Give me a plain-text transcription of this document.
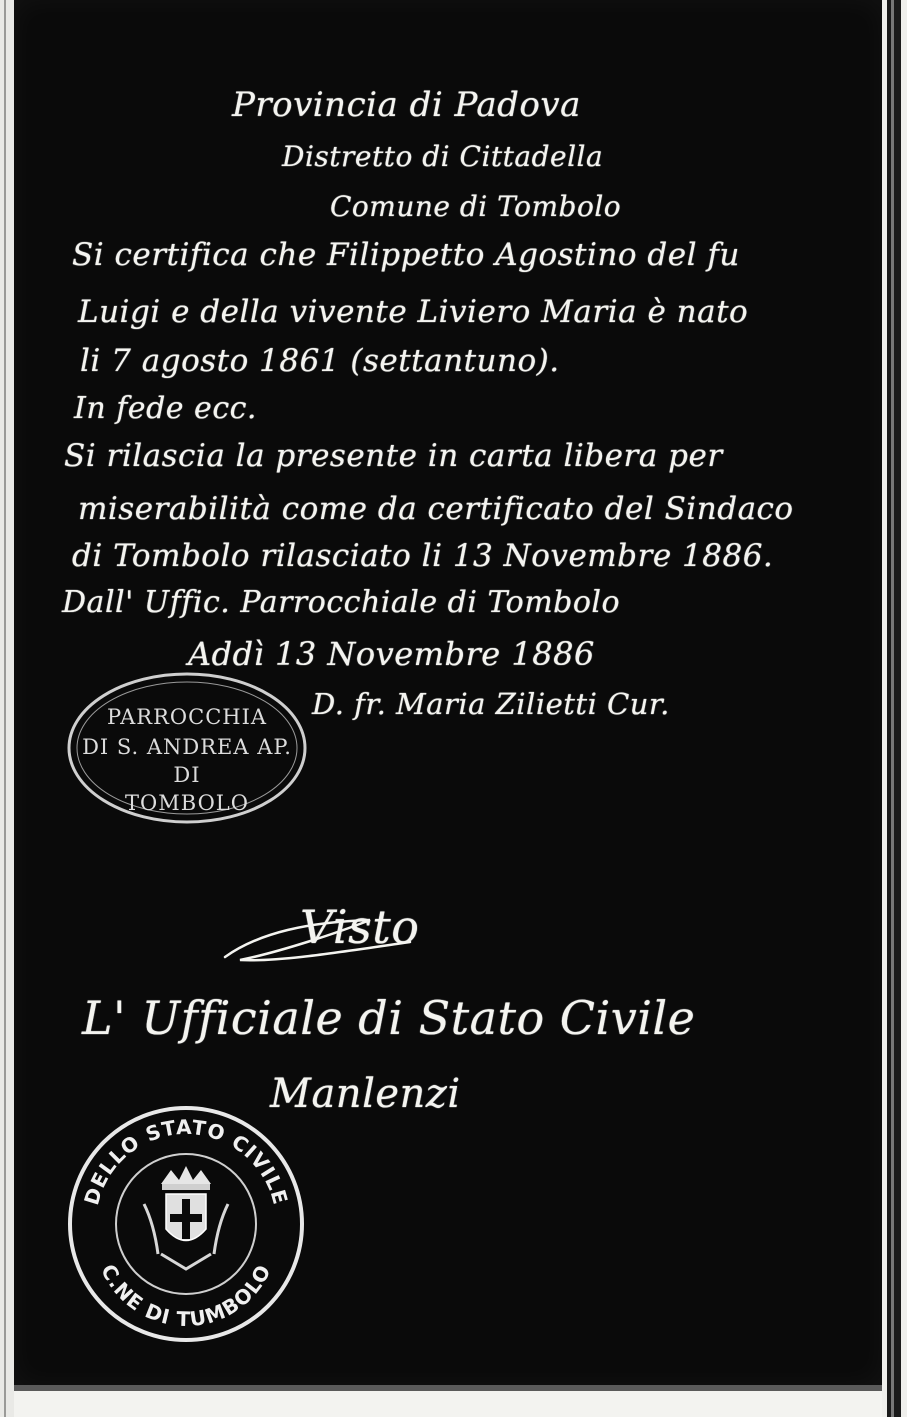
Provincia di Padova

Distretto di Cittadella

Comune di Tombolo

Si certifica che Filippetto Agostino del fu

Luigi e della vivente Liviero Maria è nato

li 7 agosto 1861 (settantuno).

In fede ecc.

Si rilascia la presente in carta libera per

miserabilità come da certificato del Sindaco

di Tombolo rilasciato li 13 Novembre 1886.

Dall' Uffic. Parrocchiale di Tombolo

Addì 13 Novembre 1886

D. fr. Maria Zilietti Cur.

PARROCCHIA
DI S. ANDREA AP.
DI
TOMBOLO

Visto

L' Ufficiale di Stato Civile

Manlenzi

DELLO STATO CIVILE
C.NE DI TUMBOLO
